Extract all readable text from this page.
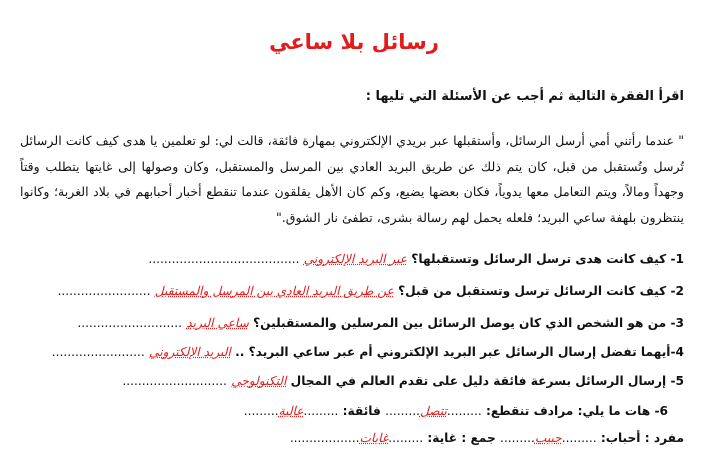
رسائل بلا ساعي
اقرأ الفقرة التالية ثم أجب عن الأسئلة التي تليها :
" عندما رأتني أمي أرسل الرسائل، وأستقبلها عبر بريدي الإلكتروني بمهارة فائقة، قالت لي: لو تعلمين يا هدى كيف كانت الرسائل تُرسل وتُستقبل من قبل، كان يتم ذلك عن طريق البريد العادي بين المرسل والمستقبل، وكان وصولها إلى غايتها يتطلب وقتاً وجهداً ومالاً، ويتم التعامل معها يدوياً، فكان بعضها يضيع، وكم كان الأهل يقلقون عندما تنقطع أخبار أحبابهم في بلاد الغربة؛ وكانوا ينتظرون بلهفة ساعي البريد؛ فلعله يحمل لهم رسالة بشرى، تطفئ نار الشوق."
1- كيف كانت هدى ترسل الرسائل وتستقبلها؟ عبر البريد الإلكتروني .......................................
2- كيف كانت الرسائل ترسل وتستقبل من قبل؟ عن طريق البريد العادي بين المرسل والمستقبل ........................
3- من هو الشخص الذي كان يوصل الرسائل بين المرسلين والمستقبلين؟ ساعي البريد ...........................
4-أيهما تفضل إرسال الرسائل عبر البريد الإلكتروني أم عبر ساعي البريد؟ .. البريد الإلكتروني ........................
5- إرسال الرسائل بسرعة فائقة دليل على تقدم العالم في المجال التكنولوجي ...........................
6- هات ما يلي: مرادف تنقطع: .........تتصل......... فائقة: .........عالية.........
مفرد : أحباب: .........حبيب......... جمع : غاية: .........غايات..................
